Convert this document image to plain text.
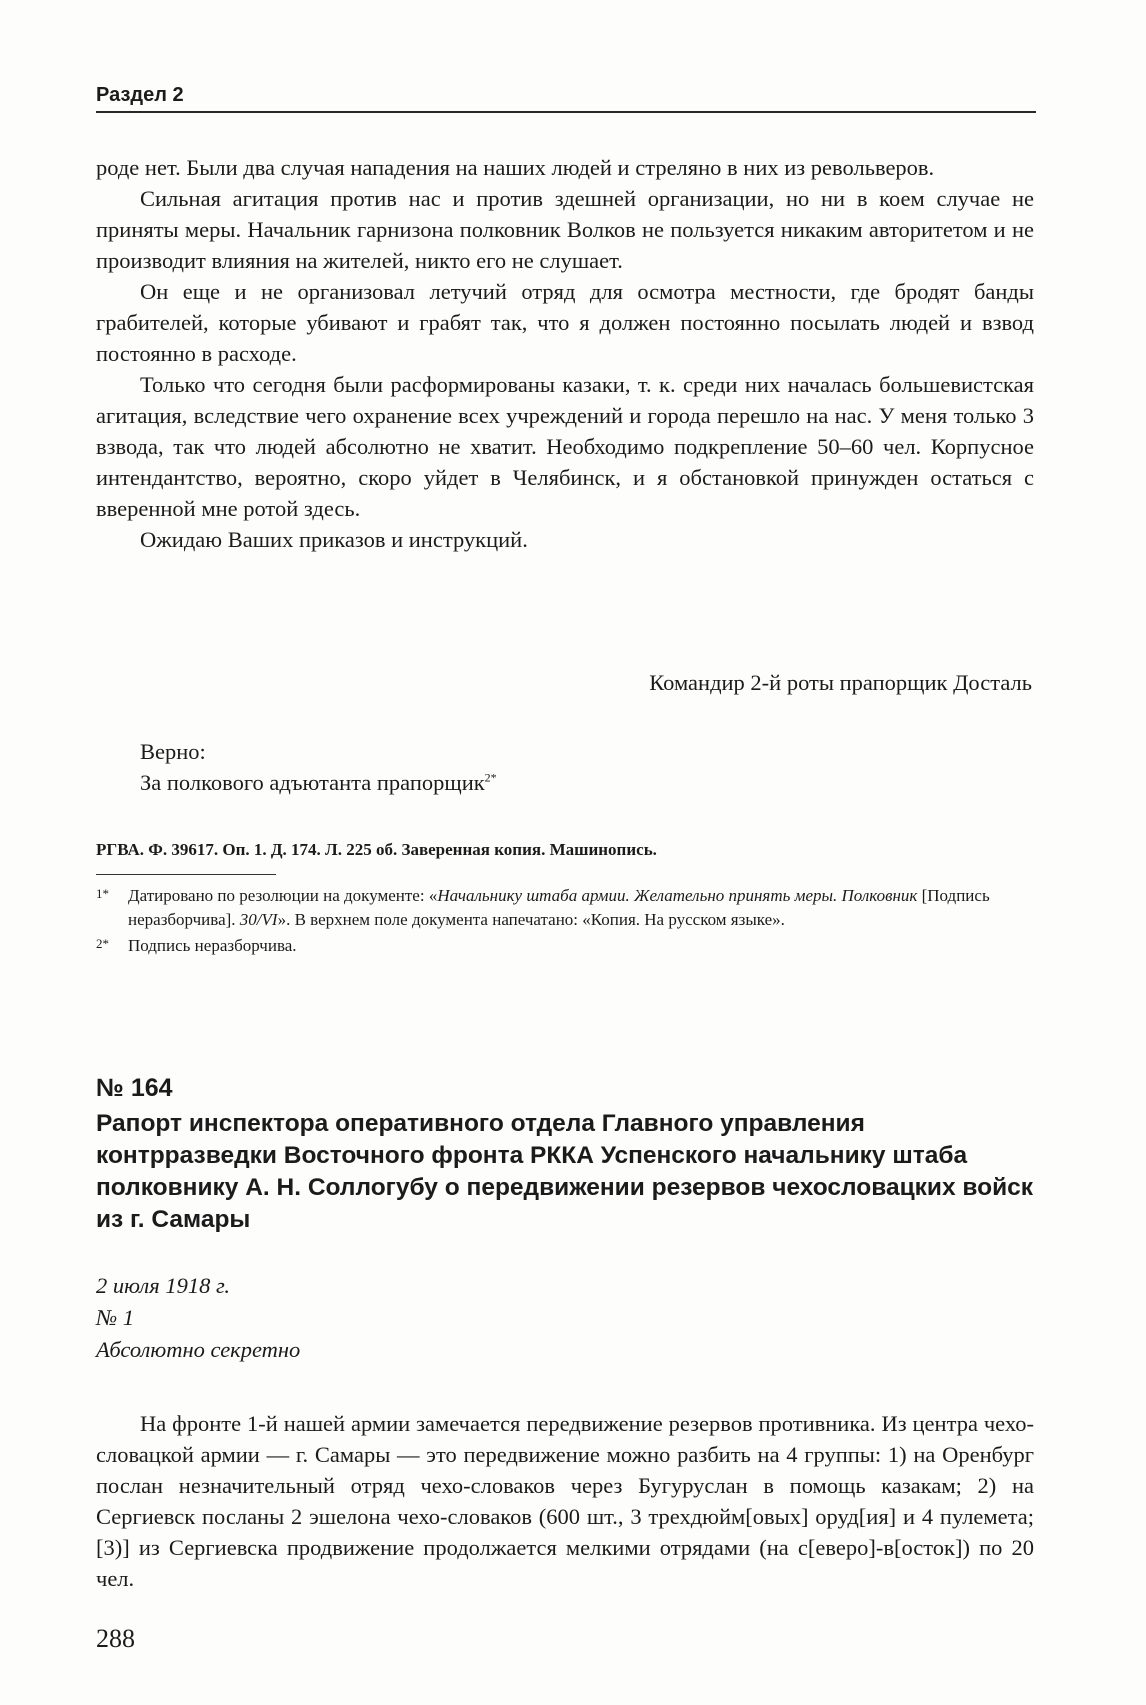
Раздел 2

роде нет. Были два случая нападения на наших людей и стреляно в них из револьверов.

Сильная агитация против нас и против здешней организации, но ни в коем случае не приняты меры. Начальник гарнизона полковник Волков не пользуется никаким авторитетом и не производит влияния на жителей, никто его не слушает.

Он еще и не организовал летучий отряд для осмотра местности, где бродят банды грабителей, которые убивают и грабят так, что я должен постоянно посылать людей и взвод постоянно в расходе.

Только что сегодня были расформированы казаки, т. к. среди них началась большевистская агитация, вследствие чего охранение всех учреждений и города перешло на нас. У меня только 3 взвода, так что людей абсолютно не хватит. Необходимо подкрепление 50–60 чел. Корпусное интендантство, вероятно, скоро уйдет в Челябинск, и я обстановкой принужден остаться с вверенной мне ротой здесь.

Ожидаю Ваших приказов и инструкций.

Командир 2-й роты прапорщик Досталь
Верно:
За полкового адъютанта прапорщик$^{2*}$
РГВА. Ф. 39617. Оп. 1. Д. 174. Л. 225 об. Заверенная копия. Машинопись.
1* Датировано по резолюции на документе: «Начальнику штаба армии. Желательно принять меры. Полковник [Подпись неразборчива]. 30/VI». В верхнем поле документа напечатано: «Копия. На русском языке».
2* Подпись неразборчива.
№ 164
Рапорт инспектора оперативного отдела Главного управления контрразведки Восточного фронта РККА Успенского начальнику штаба полковнику А. Н. Соллогубу о передвижении резервов чехословацких войск из г. Самары
2 июля 1918 г.
№ 1
Абсолютно секретно

На фронте 1-й нашей армии замечается передвижение резервов противника. Из центра чехо-словацкой армии — г. Самары — это передвижение можно разбить на 4 группы: 1) на Оренбург послан незначительный отряд чехо-словаков через Бугуруслан в помощь казакам; 2) на Сергиевск посланы 2 эшелона чехо-словаков (600 шт., 3 трехдюйм[овых] оруд[ия] и 4 пулемета; [3)] из Сергиевска продвижение продолжается мелкими отрядами (на с[еверо]-в[осток]) по 20 чел.

288
